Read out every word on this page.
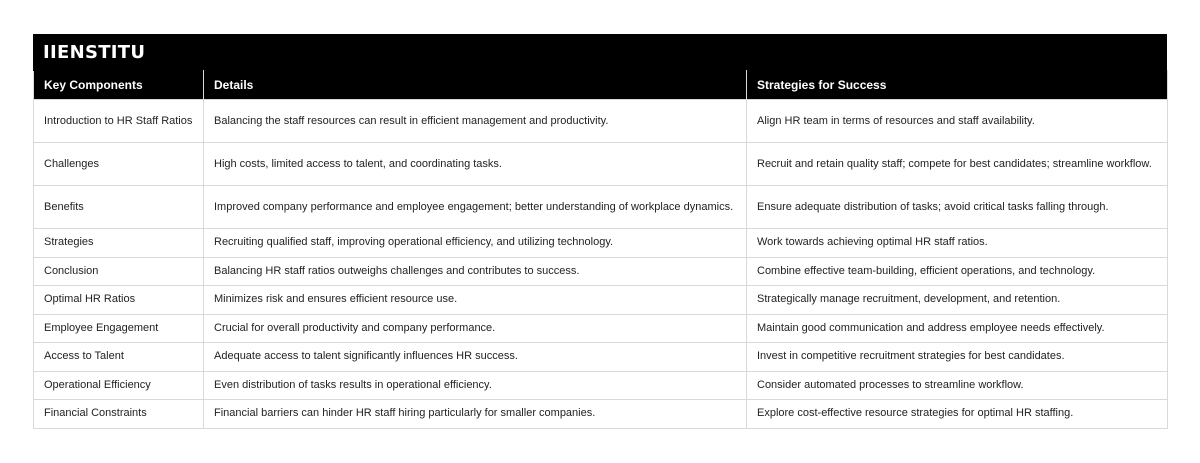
IIENSTITU
Key Components	Details	Strategies for Success
Introduction to HR Staff Ratios	Balancing the staff resources can result in efficient management and productivity.	Align HR team in terms of resources and staff availability.
Challenges	High costs, limited access to talent, and coordinating tasks.	Recruit and retain quality staff; compete for best candidates; streamline workflow.
Benefits	Improved company performance and employee engagement; better understanding of workplace dynamics.	Ensure adequate distribution of tasks; avoid critical tasks falling through.
Strategies	Recruiting qualified staff, improving operational efficiency, and utilizing technology.	Work towards achieving optimal HR staff ratios.
Conclusion	Balancing HR staff ratios outweighs challenges and contributes to success.	Combine effective team-building, efficient operations, and technology.
Optimal HR Ratios	Minimizes risk and ensures efficient resource use.	Strategically manage recruitment, development, and retention.
Employee Engagement	Crucial for overall productivity and company performance.	Maintain good communication and address employee needs effectively.
Access to Talent	Adequate access to talent significantly influences HR success.	Invest in competitive recruitment strategies for best candidates.
Operational Efficiency	Even distribution of tasks results in operational efficiency.	Consider automated processes to streamline workflow.
Financial Constraints	Financial barriers can hinder HR staff hiring particularly for smaller companies.	Explore cost-effective resource strategies for optimal HR staffing.
